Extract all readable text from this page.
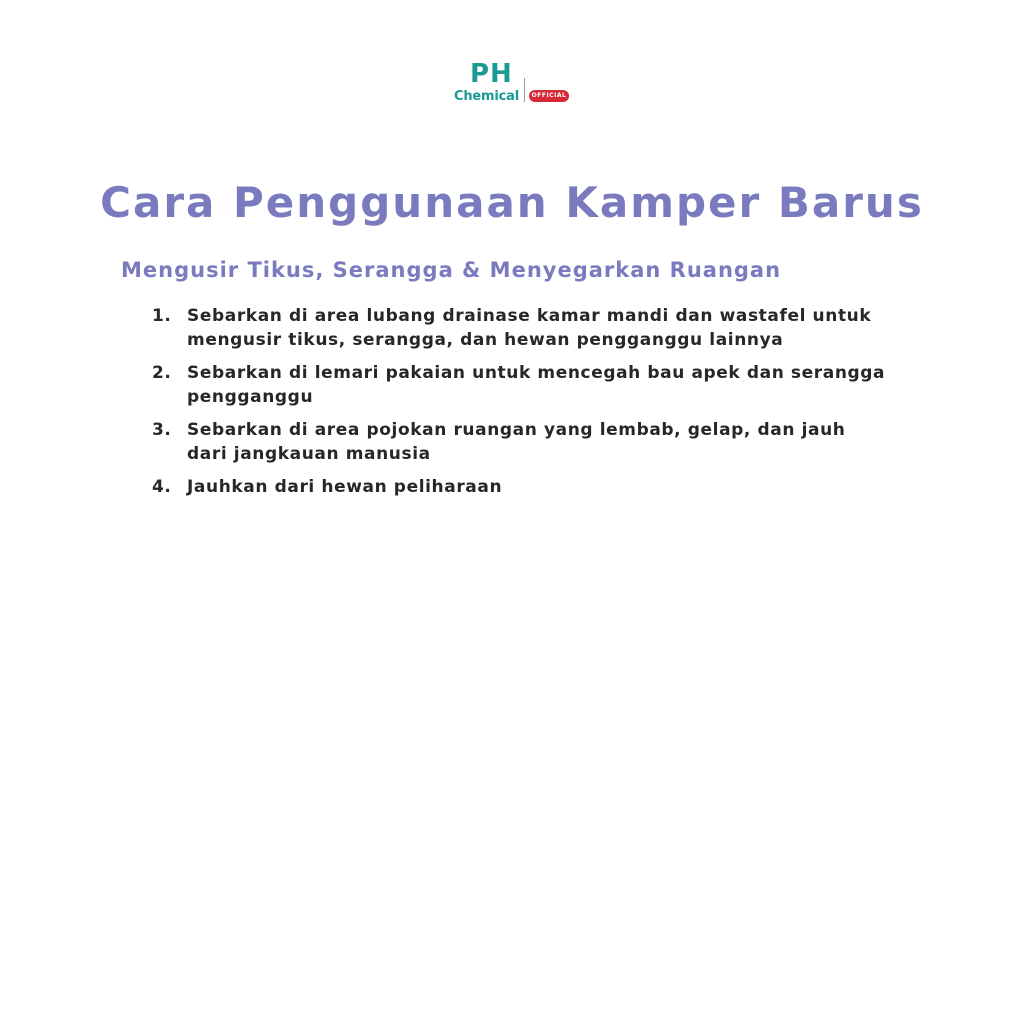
PH
Chemical	OFFICIAL
Cara Penggunaan Kamper Barus
Mengusir Tikus, Serangga & Menyegarkan Ruangan
1. Sebarkan di area lubang drainase kamar mandi dan wastafel untuk mengusir tikus, serangga, dan hewan pengganggu lainnya
2. Sebarkan di lemari pakaian untuk mencegah bau apek dan serangga pengganggu
3. Sebarkan di area pojokan ruangan yang lembab, gelap, dan jauh dari jangkauan manusia
4. Jauhkan dari hewan peliharaan
